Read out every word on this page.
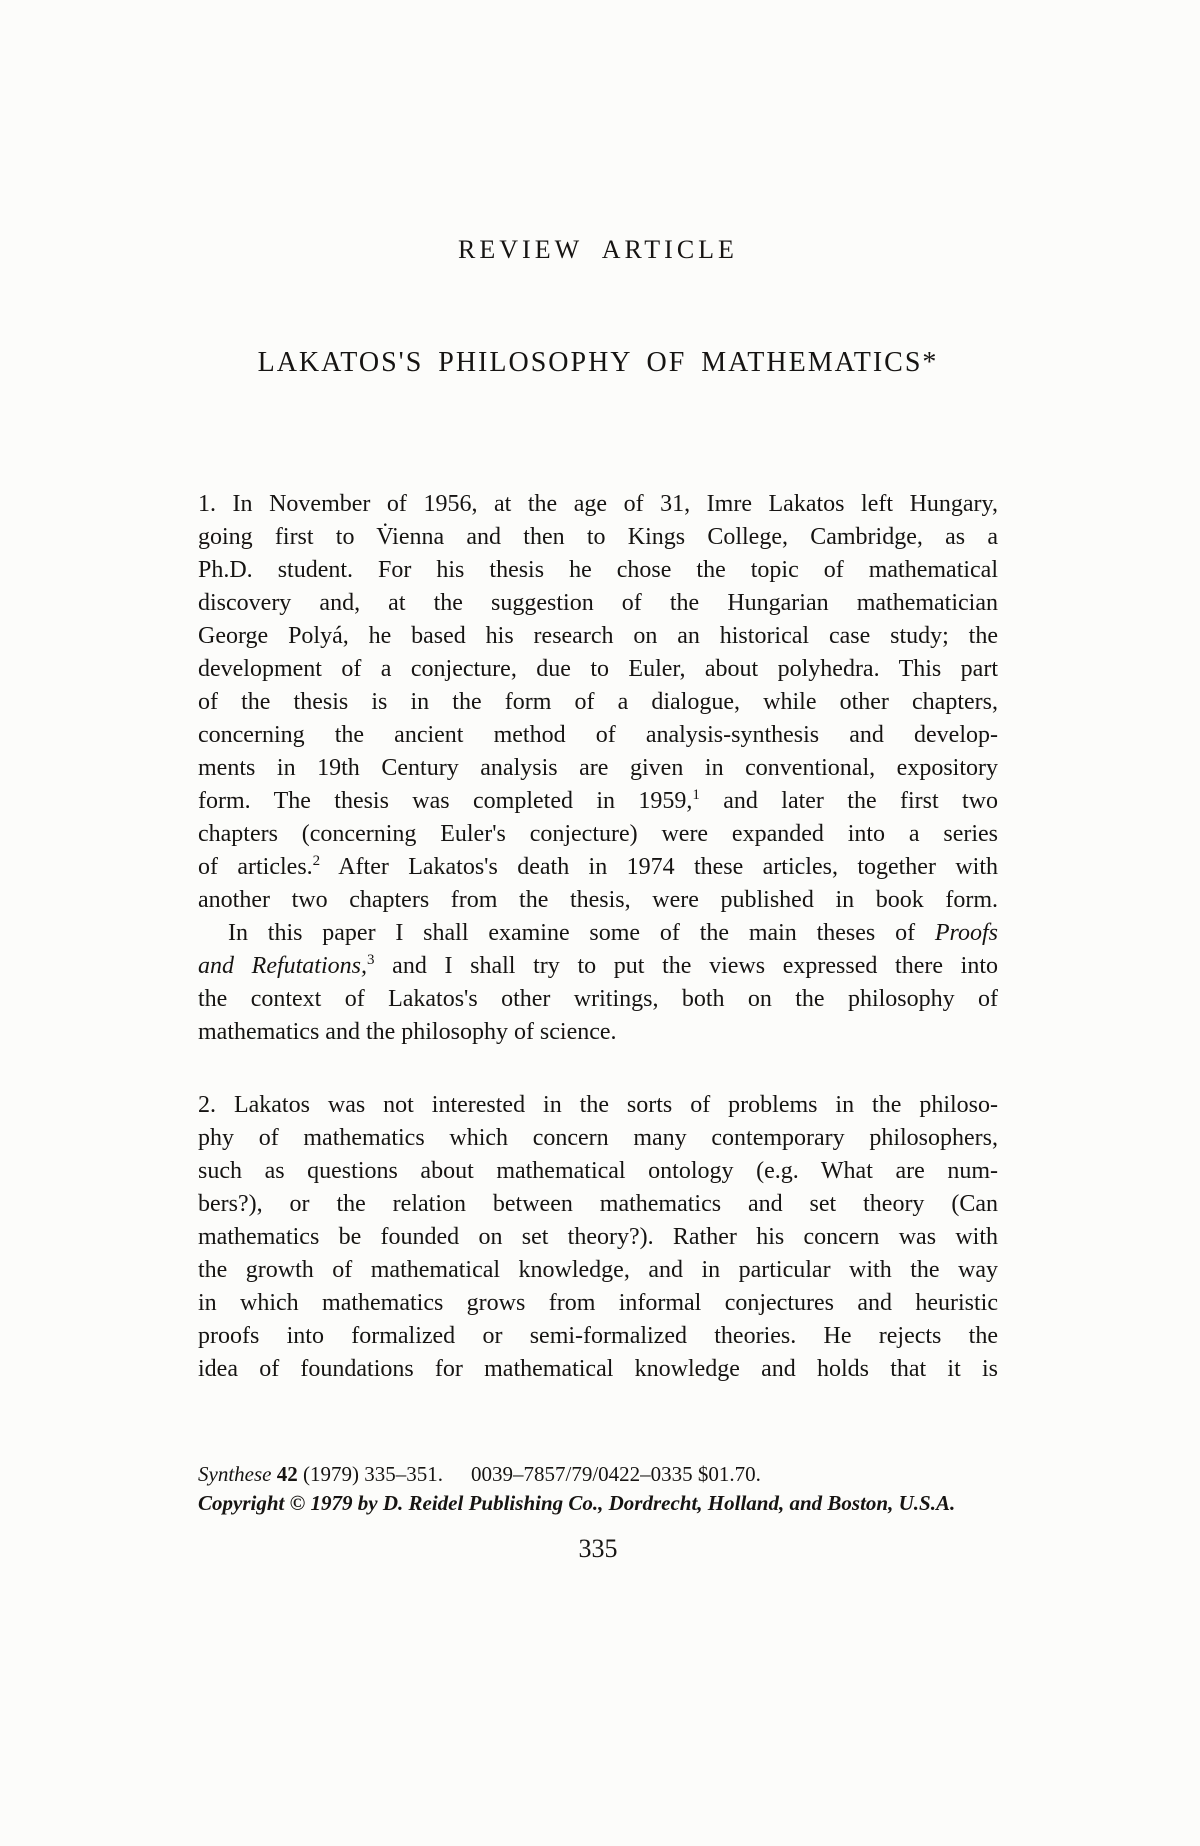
REVIEW ARTICLE
LAKATOS'S PHILOSOPHY OF MATHEMATICS*
1. In November of 1956, at the age of 31, Imre Lakatos left Hungary,
going first to V̇ienna and then to Kings College, Cambridge, as a
Ph.D. student. For his thesis he chose the topic of mathematical
discovery and, at the suggestion of the Hungarian mathematician
George Polyá, he based his research on an historical case study; the
development of a conjecture, due to Euler, about polyhedra. This part
of the thesis is in the form of a dialogue, while other chapters,
concerning the ancient method of analysis-synthesis and develop-
ments in 19th Century analysis are given in conventional, expository
form. The thesis was completed in 1959,$^1$ and later the first two
chapters (concerning Euler's conjecture) were expanded into a series
of articles.$^2$ After Lakatos's death in 1974 these articles, together with
another two chapters from the thesis, were published in book form.
In this paper I shall examine some of the main theses of Proofs
and Refutations,$^3$ and I shall try to put the views expressed there into
the context of Lakatos's other writings, both on the philosophy of
mathematics and the philosophy of science.
2. Lakatos was not interested in the sorts of problems in the philoso-
phy of mathematics which concern many contemporary philosophers,
such as questions about mathematical ontology (e.g. What are num-
bers?), or the relation between mathematics and set theory (Can
mathematics be founded on set theory?). Rather his concern was with
the growth of mathematical knowledge, and in particular with the way
in which mathematics grows from informal conjectures and heuristic
proofs into formalized or semi-formalized theories. He rejects the
idea of foundations for mathematical knowledge and holds that it is
Synthese 42 (1979) 335–351. 0039–7857/79/0422–0335 $01.70.
Copyright © 1979 by D. Reidel Publishing Co., Dordrecht, Holland, and Boston, U.S.A.
335
